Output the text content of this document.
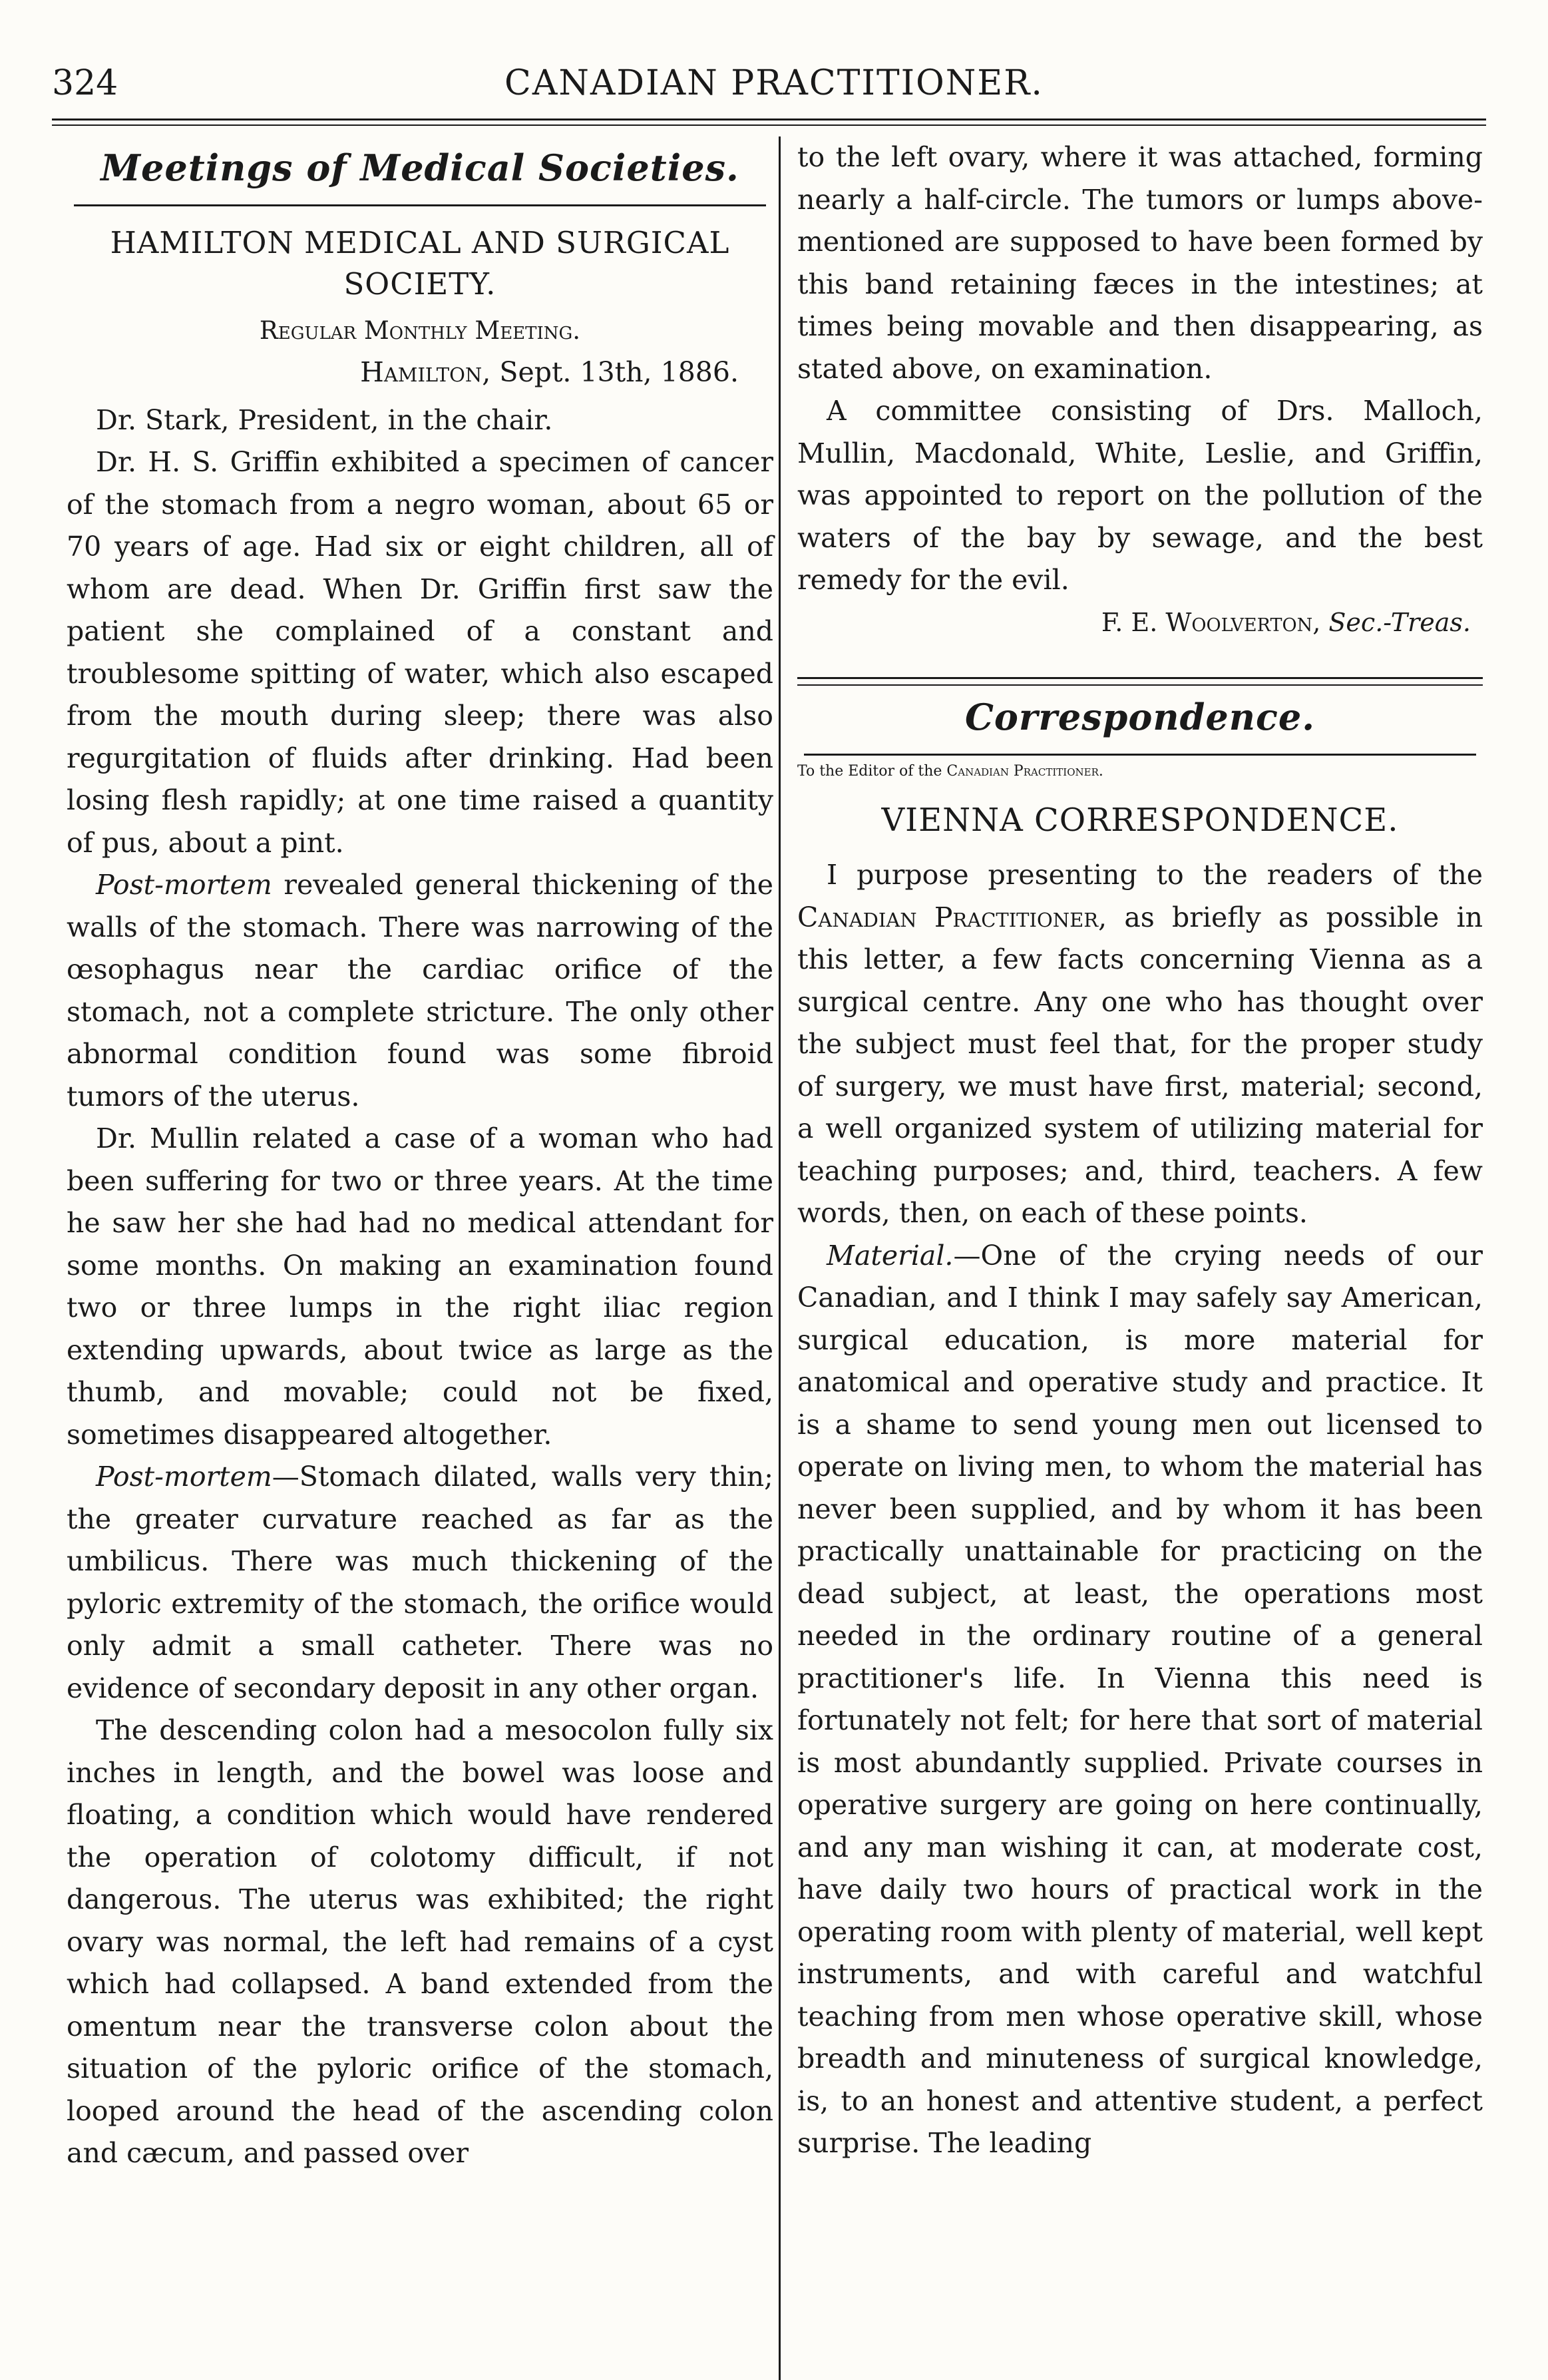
324	CANADIAN PRACTITIONER.
Meetings of Medical Societies.
HAMILTON MEDICAL AND SURGICAL SOCIETY.
Regular Monthly Meeting.
Hamilton, Sept. 13th, 1886.

Dr. Stark, President, in the chair.

Dr. H. S. Griffin exhibited a specimen of cancer of the stomach from a negro woman, about 65 or 70 years of age. Had six or eight children, all of whom are dead. When Dr. Griffin first saw the patient she complained of a constant and troublesome spitting of water, which also escaped from the mouth during sleep; there was also regurgitation of fluids after drinking. Had been losing flesh rapidly; at one time raised a quantity of pus, about a pint.

Post-mortem revealed general thickening of the walls of the stomach. There was narrowing of the œsophagus near the cardiac orifice of the stomach, not a complete stricture. The only other abnormal condition found was some fibroid tumors of the uterus.

Dr. Mullin related a case of a woman who had been suffering for two or three years. At the time he saw her she had had no medical attendant for some months. On making an examination found two or three lumps in the right iliac region extending upwards, about twice as large as the thumb, and movable; could not be fixed, sometimes disappeared altogether.

Post-mortem—Stomach dilated, walls very thin; the greater curvature reached as far as the umbilicus. There was much thickening of the pyloric extremity of the stomach, the orifice would only admit a small catheter. There was no evidence of secondary deposit in any other organ.

The descending colon had a mesocolon fully six inches in length, and the bowel was loose and floating, a condition which would have rendered the operation of colotomy difficult, if not dangerous. The uterus was exhibited; the right ovary was normal, the left had remains of a cyst which had collapsed. A band extended from the omentum near the transverse colon about the situation of the pyloric orifice of the stomach, looped around the head of the ascending colon and cæcum, and passed over

to the left ovary, where it was attached, forming nearly a half-circle. The tumors or lumps above-mentioned are supposed to have been formed by this band retaining fæces in the intestines; at times being movable and then disappearing, as stated above, on examination.

A committee consisting of Drs. Malloch, Mullin, Macdonald, White, Leslie, and Griffin, was appointed to report on the pollution of the waters of the bay by sewage, and the best remedy for the evil.

F. E. Woolverton, Sec.-Treas.
Correspondence.
To the Editor of the Canadian Practitioner.
VIENNA CORRESPONDENCE.

I purpose presenting to the readers of the Canadian Practitioner, as briefly as possible in this letter, a few facts concerning Vienna as a surgical centre. Any one who has thought over the subject must feel that, for the proper study of surgery, we must have first, material; second, a well organized system of utilizing material for teaching purposes; and, third, teachers. A few words, then, on each of these points.

Material.—One of the crying needs of our Canadian, and I think I may safely say American, surgical education, is more material for anatomical and operative study and practice. It is a shame to send young men out licensed to operate on living men, to whom the material has never been supplied, and by whom it has been practically unattainable for practicing on the dead subject, at least, the operations most needed in the ordinary routine of a general practitioner's life. In Vienna this need is fortunately not felt; for here that sort of material is most abundantly supplied. Private courses in operative surgery are going on here continually, and any man wishing it can, at moderate cost, have daily two hours of practical work in the operating room with plenty of material, well kept instruments, and with careful and watchful teaching from men whose operative skill, whose breadth and minuteness of surgical knowledge, is, to an honest and attentive student, a perfect surprise. The leading
